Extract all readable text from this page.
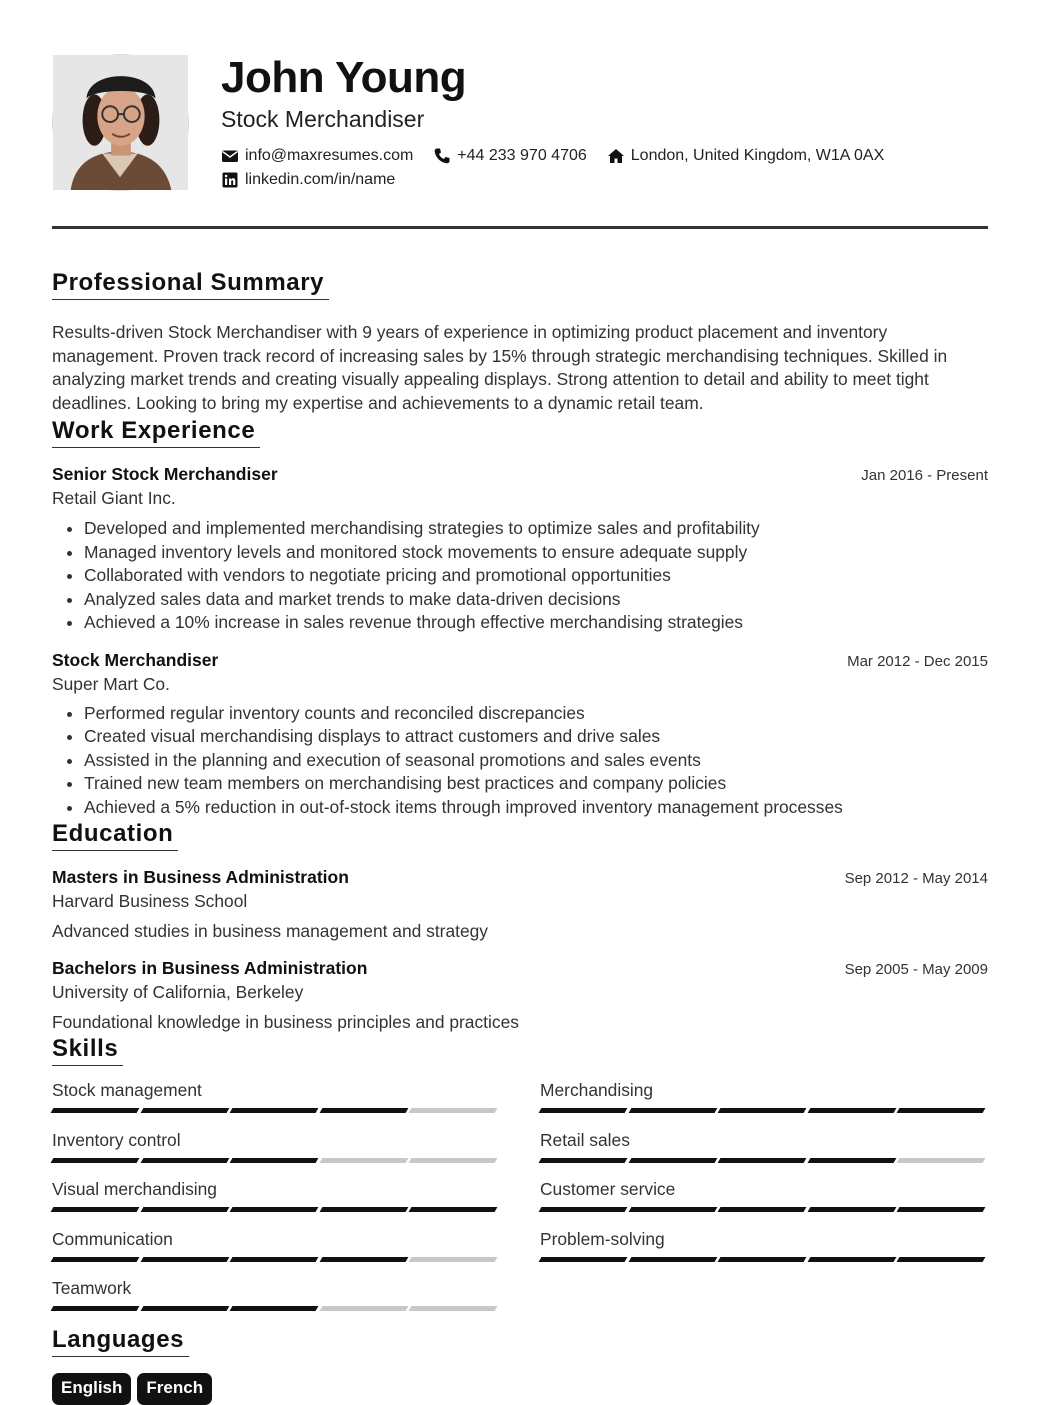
John Young
Stock Merchandiser
info@maxresumes.com	+44 233 970 4706	London, United Kingdom, W1A 0AX
linkedin.com/in/name
Professional Summary

Results-driven Stock Merchandiser with 9 years of experience in optimizing product placement and inventory management. Proven track record of increasing sales by 15% through strategic merchandising techniques. Skilled in analyzing market trends and creating visually appealing displays. Strong attention to detail and ability to meet tight deadlines. Looking to bring my expertise and achievements to a dynamic retail team.

Work Experience
Senior Stock Merchandiser	Jan 2016 - Present
Retail Giant Inc.
• Developed and implemented merchandising strategies to optimize sales and profitability
• Managed inventory levels and monitored stock movements to ensure adequate supply
• Collaborated with vendors to negotiate pricing and promotional opportunities
• Analyzed sales data and market trends to make data-driven decisions
• Achieved a 10% increase in sales revenue through effective merchandising strategies
Stock Merchandiser	Mar 2012 - Dec 2015
Super Mart Co.
• Performed regular inventory counts and reconciled discrepancies
• Created visual merchandising displays to attract customers and drive sales
• Assisted in the planning and execution of seasonal promotions and sales events
• Trained new team members on merchandising best practices and company policies
• Achieved a 5% reduction in out-of-stock items through improved inventory management processes
Education
Masters in Business Administration	Sep 2012 - May 2014
Harvard Business School
Advanced studies in business management and strategy
Bachelors in Business Administration	Sep 2005 - May 2009
University of California, Berkeley
Foundational knowledge in business principles and practices
Skills
Stock management	Merchandising
Inventory control	Retail sales
Visual merchandising	Customer service
Communication	Problem-solving
Teamwork
Languages
English	French
